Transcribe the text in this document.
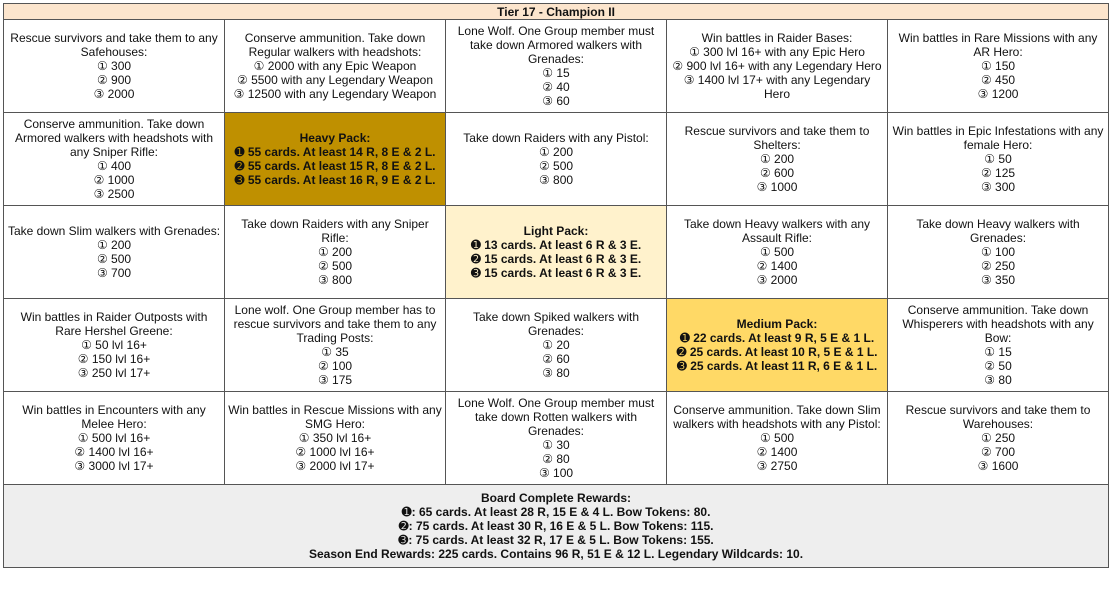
Tier 17 - Champion II				

Rescue survivors and take them to any Safehouses:
① 300
② 900
③ 2000	Conserve ammunition. Take down Regular walkers with headshots:
① 2000 with any Epic Weapon
② 5500 with any Legendary Weapon
③ 12500 with any Legendary Weapon	Lone Wolf. One Group member must take down Armored walkers with Grenades:
① 15
② 40
③ 60	Win battles in Raider Bases:
① 300 lvl 16+ with any Epic Hero
② 900 lvl 16+ with any Legendary Hero
③ 1400 lvl 17+ with any Legendary Hero	Win battles in Rare Missions with any AR Hero:
① 150
② 450
③ 1200

Conserve ammunition. Take down Armored walkers with headshots with any Sniper Rifle:
① 400
② 1000
③ 2500	Heavy Pack:
➊ 55 cards. At least 14 R, 8 E & 2 L.
➋ 55 cards. At least 15 R, 8 E & 2 L.
➌ 55 cards. At least 16 R, 9 E & 2 L.	Take down Raiders with any Pistol:
① 200
② 500
③ 800	Rescue survivors and take them to Shelters:
① 200
② 600
③ 1000	Win battles in Epic Infestations with any female Hero:
① 50
② 125
③ 300

Take down Slim walkers with Grenades:
① 200
② 500
③ 700	Take down Raiders with any Sniper Rifle:
① 200
② 500
③ 800	Light Pack:
➊ 13 cards. At least 6 R & 3 E.
➋ 15 cards. At least 6 R & 3 E.
➌ 15 cards. At least 6 R & 3 E.	Take down Heavy walkers with any Assault Rifle:
① 500
② 1400
③ 2000	Take down Heavy walkers with Grenades:
① 100
② 250
③ 350

Win battles in Raider Outposts with Rare Hershel Greene:
① 50 lvl 16+
② 150 lvl 16+
③ 250 lvl 17+	Lone wolf. One Group member has to rescue survivors and take them to any Trading Posts:
① 35
② 100
③ 175	Take down Spiked walkers with Grenades:
① 20
② 60
③ 80	Medium Pack:
➊ 22 cards. At least 9 R, 5 E & 1 L.
➋ 25 cards. At least 10 R, 5 E & 1 L.
➌ 25 cards. At least 11 R, 6 E & 1 L.	Conserve ammunition. Take down Whisperers with headshots with any Bow:
① 15
② 50
③ 80

Win battles in Encounters with any Melee Hero:
① 500 lvl 16+
② 1400 lvl 16+
③ 3000 lvl 17+	Win battles in Rescue Missions with any SMG Hero:
① 350 lvl 16+
② 1000 lvl 16+
③ 2000 lvl 17+	Lone Wolf. One Group member must take down Rotten walkers with Grenades:
① 30
② 80
③ 100	Conserve ammunition. Take down Slim walkers with headshots with any Pistol:
① 500
② 1400
③ 2750	Rescue survivors and take them to Warehouses:
① 250
② 700
③ 1600

Board Complete Rewards:
➊: 65 cards. At least 28 R, 15 E & 4 L. Bow Tokens: 80.
➋: 75 cards. At least 30 R, 16 E & 5 L. Bow Tokens: 115.
➌: 75 cards. At least 32 R, 17 E & 5 L. Bow Tokens: 155.
Season End Rewards: 225 cards. Contains 96 R, 51 E & 12 L. Legendary Wildcards: 10.				
